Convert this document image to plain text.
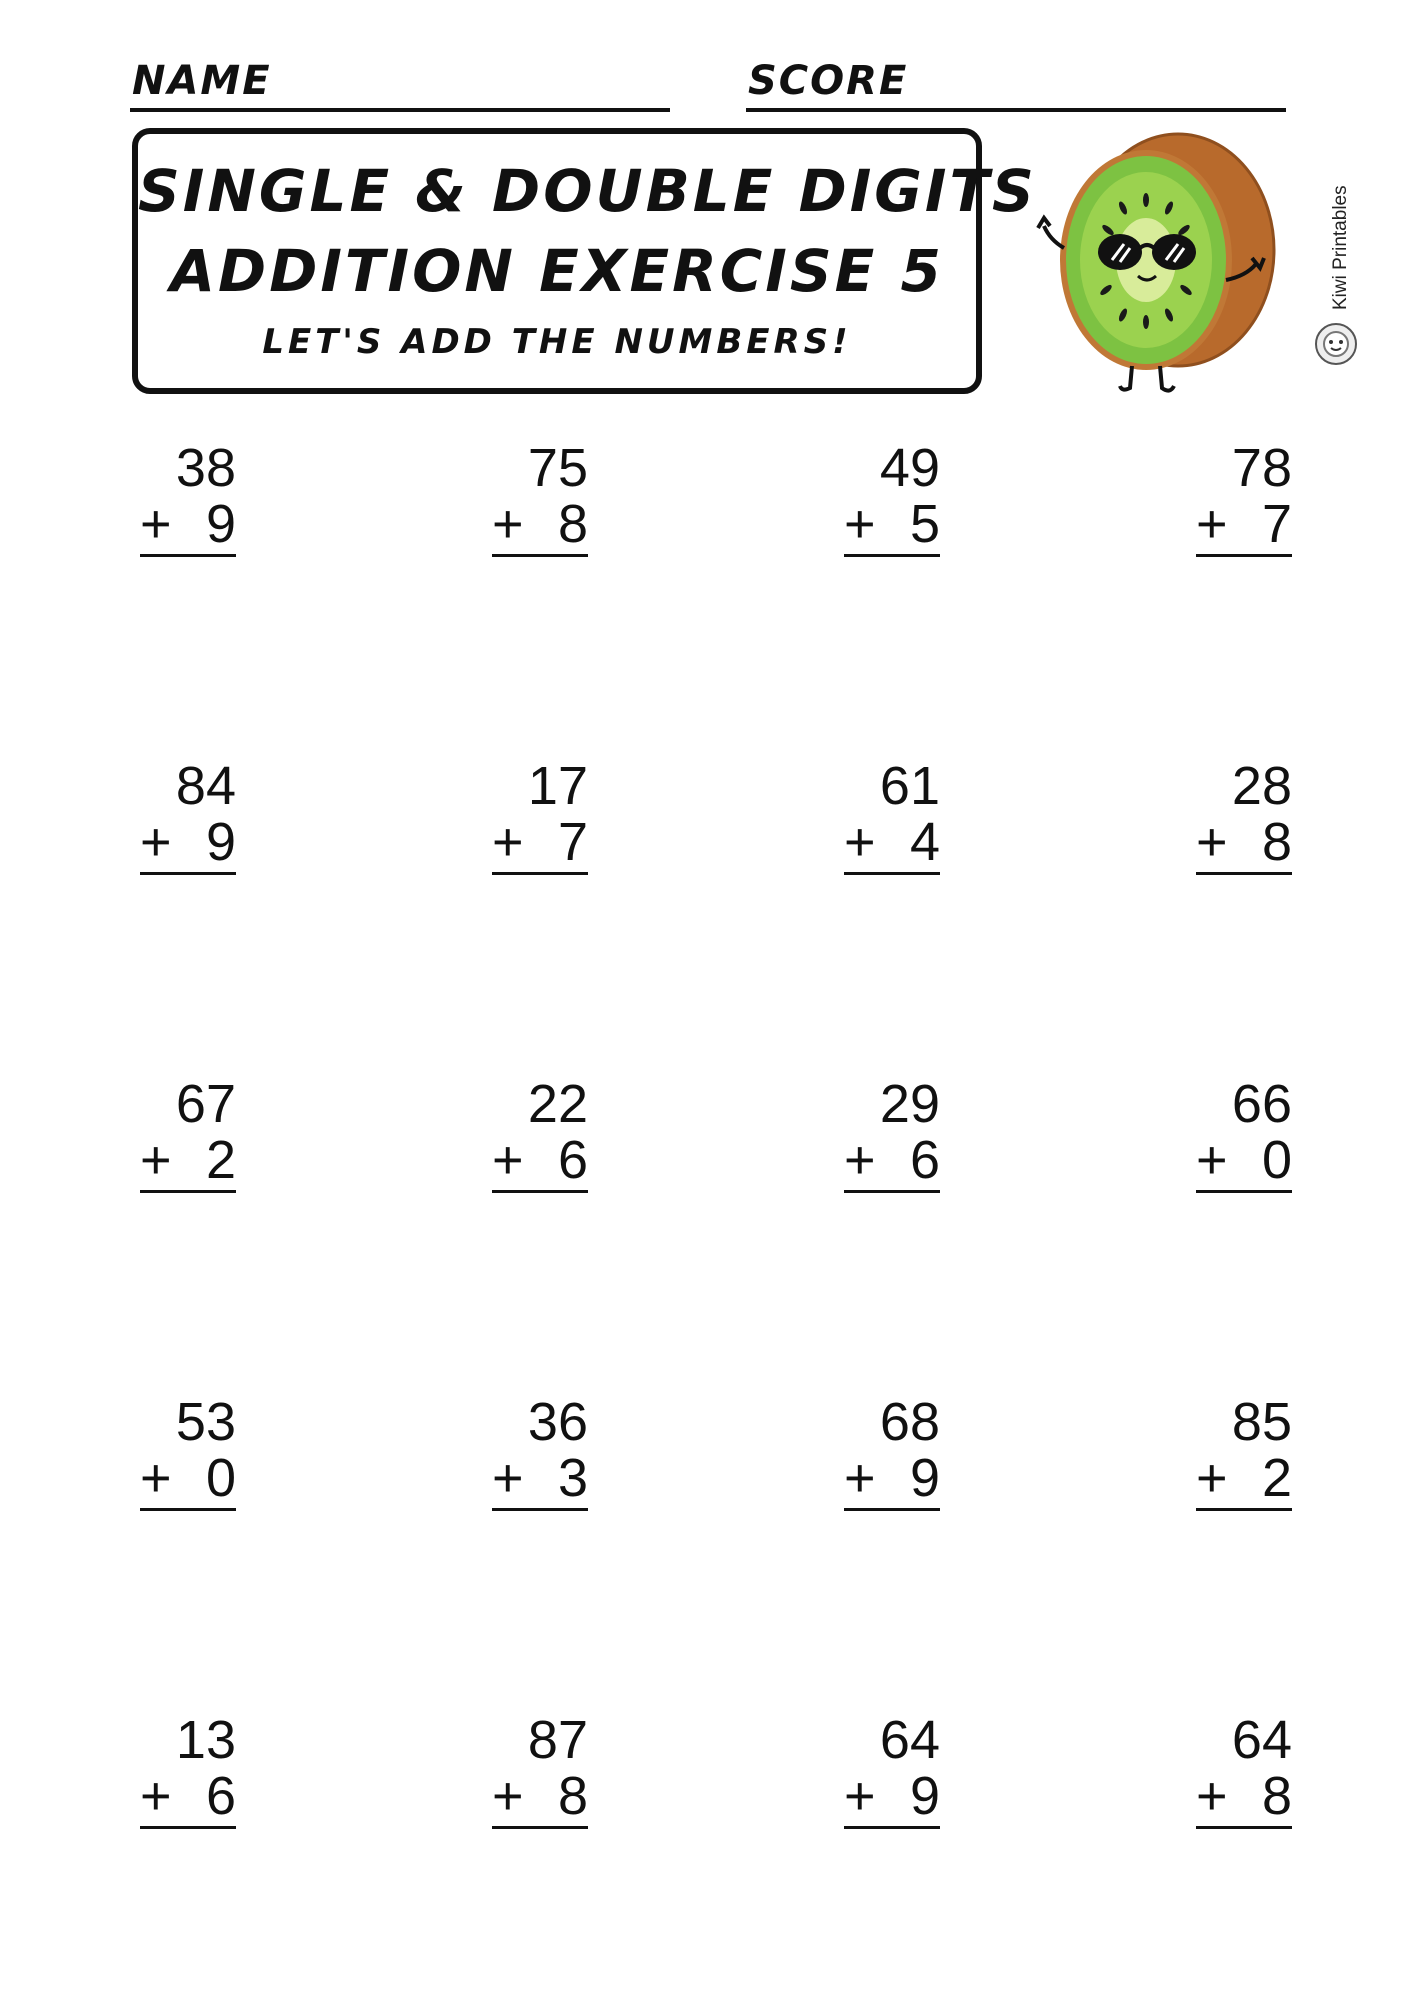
NAME	SCORE
SINGLE & DOUBLE DIGITS
ADDITION EXERCISE 5
LET'S ADD THE NUMBERS!
Kiwi Printables
38
+ 9
75
+ 8
49
+ 5
78
+ 7
84
+ 9
17
+ 7
61
+ 4
28
+ 8
67
+ 2
22
+ 6
29
+ 6
66
+ 0
53
+ 0
36
+ 3
68
+ 9
85
+ 2
13
+ 6
87
+ 8
64
+ 9
64
+ 8
